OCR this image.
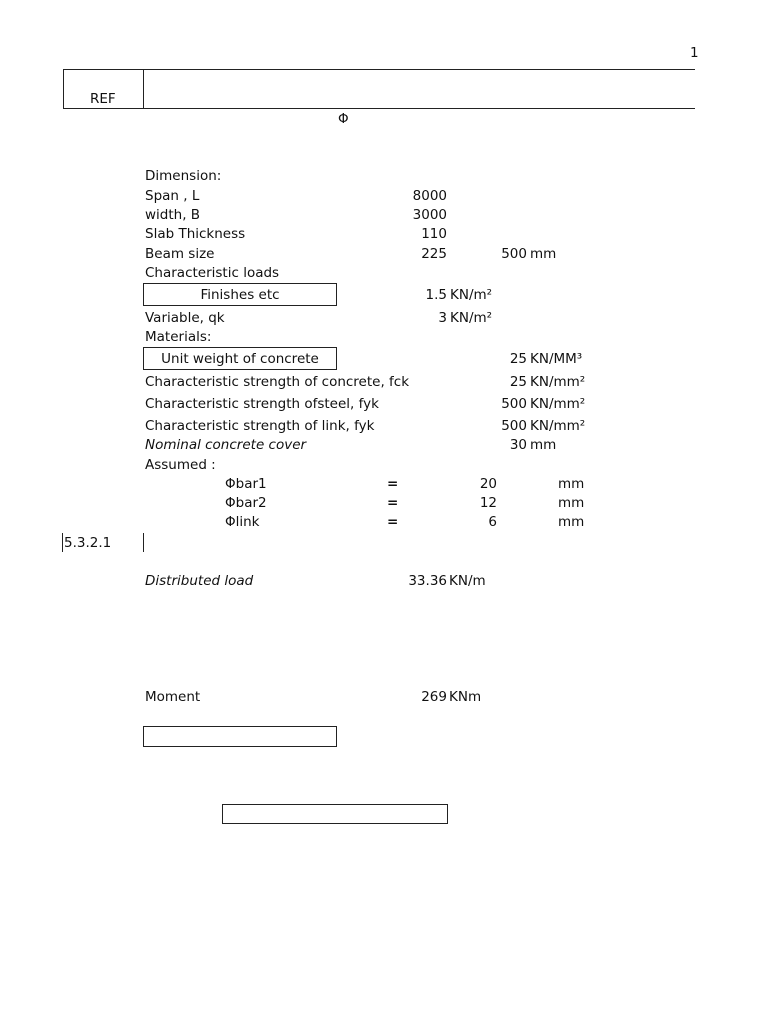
1
REF
Φ
Dimension:
Span , L	8000
width, B	3000
Slab Thickness	110
Beam size	225	500 mm
Characteristic loads
Finishes etc	1.5 KN/m²
Variable, qk	3 KN/m²
Materials:
Unit weight of concrete	25 KN/MM³
Characteristic strength of concrete, fck	25 KN/mm²
Characteristic strength ofsteel, fyk	500 KN/mm²
Characteristic strength of link, fyk	500 KN/mm²
Nominal concrete cover	30 mm
Assumed :
Φbar1	=	20	mm
Φbar2	=	12	mm
Φlink	=	6	mm
5.3.2.1
Distributed load	33.36 KN/m
Moment	269 KNm
